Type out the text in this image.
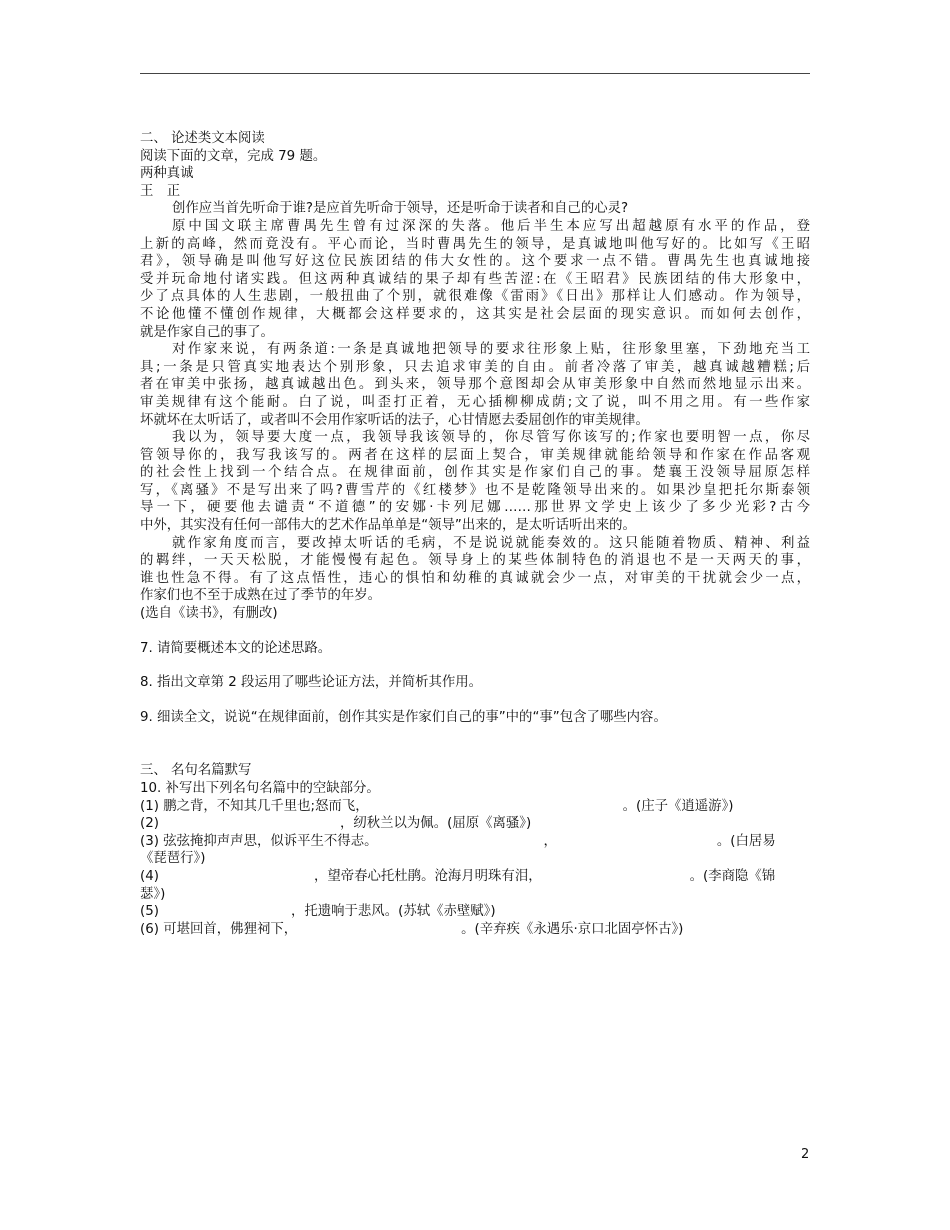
二、 论述类文本阅读
阅读下面的文章，完成 79 题。
两种真诚
王　正
创作应当首先听命于谁?是应首先听命于领导，还是听命于读者和自己的心灵?
原中国文联主席曹禺先生曾有过深深的失落。他后半生本应写出超越原有水平的作品，登
上新的高峰，然而竟没有。平心而论，当时曹禺先生的领导，是真诚地叫他写好的。比如写《王昭
君》，领导确是叫他写好这位民族团结的伟大女性的。这个要求一点不错。曹禺先生也真诚地接
受并玩命地付诸实践。但这两种真诚结的果子却有些苦涩:在《王昭君》民族团结的伟大形象中，
少了点具体的人生悲剧，一般扭曲了个别，就很难像《雷雨》《日出》那样让人们感动。作为领导，
不论他懂不懂创作规律，大概都会这样要求的，这其实是社会层面的现实意识。而如何去创作，
就是作家自己的事了。
对作家来说，有两条道:一条是真诚地把领导的要求往形象上贴，往形象里塞，下劲地充当工
具;一条是只管真实地表达个别形象，只去追求审美的自由。前者冷落了审美，越真诚越糟糕;后
者在审美中张扬，越真诚越出色。到头来，领导那个意图却会从审美形象中自然而然地显示出来。
审美规律有这个能耐。白了说，叫歪打正着，无心插柳柳成荫;文了说，叫不用之用。有一些作家
坏就坏在太听话了，或者叫不会用作家听话的法子，心甘情愿去委屈创作的审美规律。
我以为，领导要大度一点，我领导我该领导的，你尽管写你该写的;作家也要明智一点，你尽
管领导你的，我写我该写的。两者在这样的层面上契合，审美规律就能给领导和作家在作品客观
的社会性上找到一个结合点。在规律面前，创作其实是作家们自己的事。楚襄王没领导屈原怎样
写，《离骚》不是写出来了吗?曹雪芹的《红楼梦》也不是乾隆领导出来的。如果沙皇把托尔斯泰领
导一下，硬要他去谴责“不道德”的安娜·卡列尼娜……那世界文学史上该少了多少光彩?古今
中外，其实没有任何一部伟大的艺术作品单单是“领导”出来的，是太听话听出来的。
就作家角度而言，要改掉太听话的毛病，不是说说就能奏效的。这只能随着物质、精神、利益
的羁绊，一天天松脱，才能慢慢有起色。领导身上的某些体制特色的消退也不是一天两天的事，
谁也性急不得。有了这点悟性，违心的惧怕和幼稚的真诚就会少一点，对审美的干扰就会少一点，
作家们也不至于成熟在过了季节的年岁。
(选自《读书》，有删改)
7. 请简要概述本文的论述思路。
8. 指出文章第 2 段运用了哪些论证方法，并简析其作用。
9. 细读全文，说说“在规律面前，创作其实是作家们自己的事”中的“事”包含了哪些内容。
三、 名句名篇默写
10. 补写出下列名句名篇中的空缺部分。
(1) 鹏之背，不知其几千里也;怒而飞，	。(庄子《逍遥游》)
(2)	，纫秋兰以为佩。(屈原《离骚》)
(3) 弦弦掩抑声声思，似诉平生不得志。	，	。(白居易
《琵琶行》)
(4)	，望帝春心托杜鹃。沧海月明珠有泪，	。(李商隐《锦
瑟》)
(5)	，托遗响于悲风。(苏轼《赤壁赋》)
(6) 可堪回首，佛狸祠下，	。(辛弃疾《永遇乐·京口北固亭怀古》)
2
